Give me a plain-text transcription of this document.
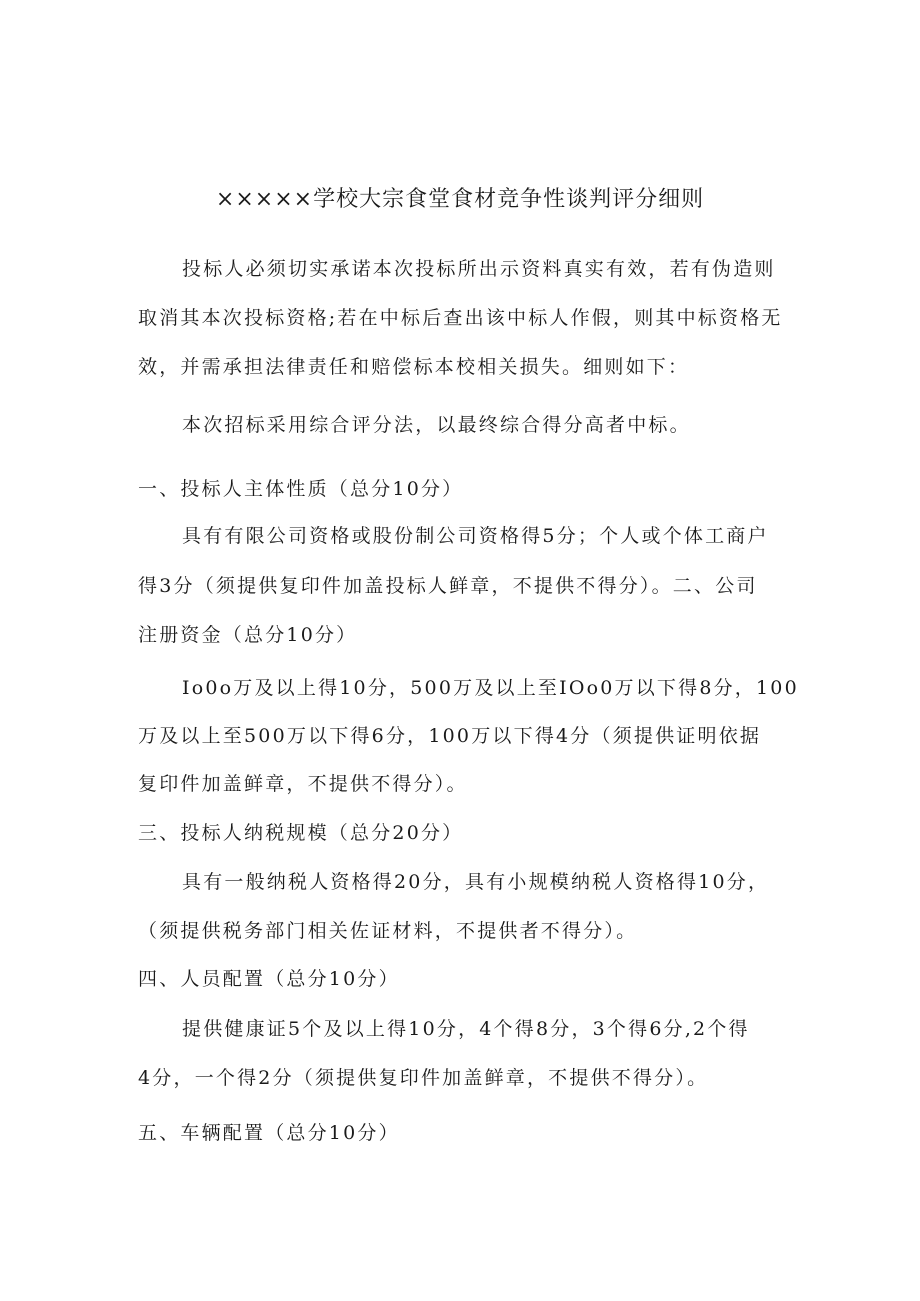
×××××学校大宗食堂食材竞争性谈判评分细则
投标人必须切实承诺本次投标所出示资料真实有效，若有伪造则
取消其本次投标资格;若在中标后查出该中标人作假，则其中标资格无
效，并需承担法律责任和赔偿标本校相关损失。细则如下：
本次招标采用综合评分法，以最终综合得分高者中标。
一、投标人主体性质（总分10分）
具有有限公司资格或股份制公司资格得5分；个人或个体工商户
得3分（须提供复印件加盖投标人鲜章，不提供不得分）。二、公司
注册资金（总分10分）
Io0o万及以上得10分，500万及以上至IOo0万以下得8分，100
万及以上至500万以下得6分，100万以下得4分（须提供证明依据
复印件加盖鲜章，不提供不得分）。
三、投标人纳税规模（总分20分）
具有一般纳税人资格得20分，具有小规模纳税人资格得10分，
（须提供税务部门相关佐证材料，不提供者不得分）。
四、人员配置（总分10分）
提供健康证5个及以上得10分，4个得8分，3个得6分,2个得
4分，一个得2分（须提供复印件加盖鲜章，不提供不得分）。
五、车辆配置（总分10分）
